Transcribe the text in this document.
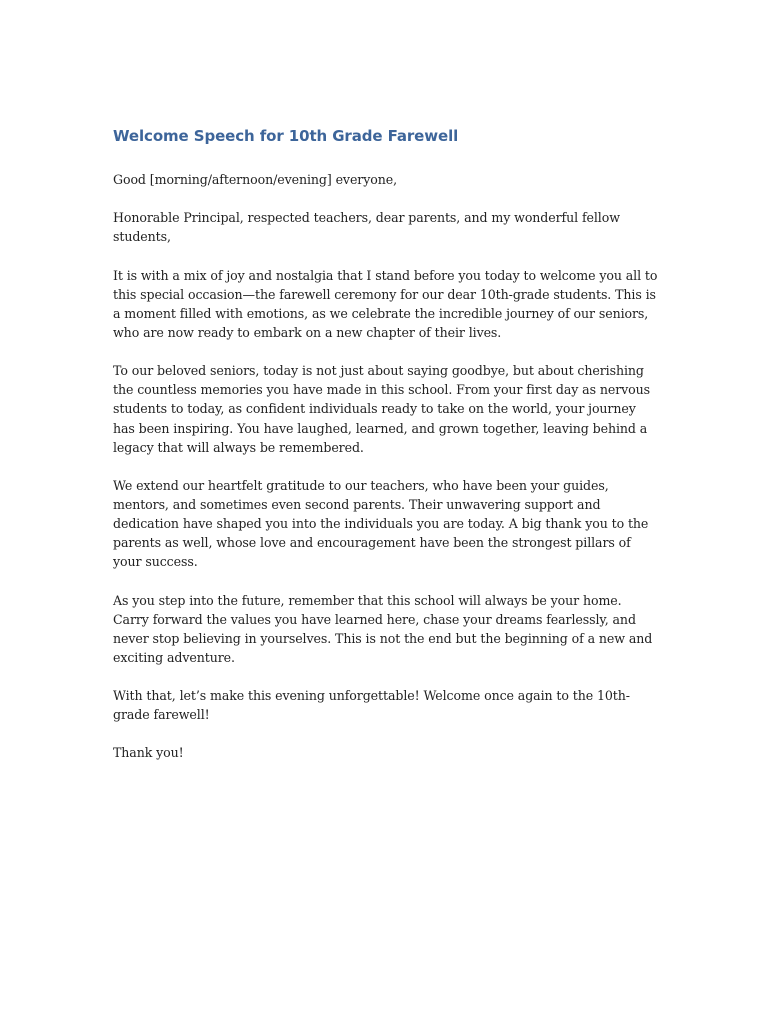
Welcome Speech for 10th Grade Farewell

Good [morning/afternoon/evening] everyone,

Honorable Principal, respected teachers, dear parents, and my wonderful fellow students,

It is with a mix of joy and nostalgia that I stand before you today to welcome you all to this special occasion—the farewell ceremony for our dear 10th-grade students. This is a moment filled with emotions, as we celebrate the incredible journey of our seniors, who are now ready to embark on a new chapter of their lives.

To our beloved seniors, today is not just about saying goodbye, but about cherishing the countless memories you have made in this school. From your first day as nervous students to today, as confident individuals ready to take on the world, your journey has been inspiring. You have laughed, learned, and grown together, leaving behind a legacy that will always be remembered.

We extend our heartfelt gratitude to our teachers, who have been your guides, mentors, and sometimes even second parents. Their unwavering support and dedication have shaped you into the individuals you are today. A big thank you to the parents as well, whose love and encouragement have been the strongest pillars of your success.

As you step into the future, remember that this school will always be your home. Carry forward the values you have learned here, chase your dreams fearlessly, and never stop believing in yourselves. This is not the end but the beginning of a new and exciting adventure.

With that, let’s make this evening unforgettable! Welcome once again to the 10th-grade farewell!

Thank you!
